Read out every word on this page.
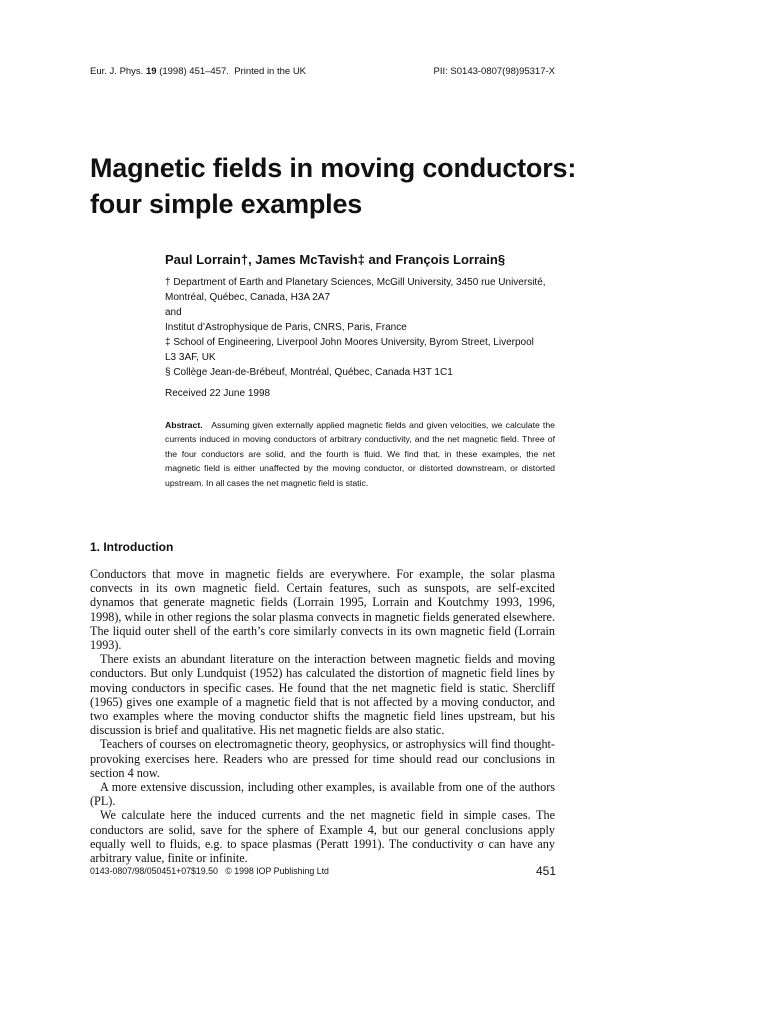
Eur. J. Phys. 19 (1998) 451–457. Printed in the UK	PII: S0143-0807(98)95317-X
Magnetic fields in moving conductors:
four simple examples

Paul Lorrain†, James McTavish‡ and François Lorrain§

† Department of Earth and Planetary Sciences, McGill University, 3450 rue Université,
Montréal, Québec, Canada, H3A 2A7
and
Institut d’Astrophysique de Paris, CNRS, Paris, France
‡ School of Engineering, Liverpool John Moores University, Byrom Street, Liverpool
L3 3AF, UK
§ Collège Jean-de-Brébeuf, Montréal, Québec, Canada H3T 1C1
Received 22 June 1998

Abstract. Assuming given externally applied magnetic fields and given velocities, we calculate the currents induced in moving conductors of arbitrary conductivity, and the net magnetic field. Three of the four conductors are solid, and the fourth is fluid. We find that, in these examples, the net magnetic field is either unaffected by the moving conductor, or distorted downstream, or distorted upstream. In all cases the net magnetic field is static.

1. Introduction

Conductors that move in magnetic fields are everywhere. For example, the solar plasma convects in its own magnetic field. Certain features, such as sunspots, are self-excited dynamos that generate magnetic fields (Lorrain 1995, Lorrain and Koutchmy 1993, 1996, 1998), while in other regions the solar plasma convects in magnetic fields generated elsewhere. The liquid outer shell of the earth’s core similarly convects in its own magnetic field (Lorrain 1993).

There exists an abundant literature on the interaction between magnetic fields and moving conductors. But only Lundquist (1952) has calculated the distortion of magnetic field lines by moving conductors in specific cases. He found that the net magnetic field is static. Shercliff (1965) gives one example of a magnetic field that is not affected by a moving conductor, and two examples where the moving conductor shifts the magnetic field lines upstream, but his discussion is brief and qualitative. His net magnetic fields are also static.

Teachers of courses on electromagnetic theory, geophysics, or astrophysics will find thought-provoking exercises here. Readers who are pressed for time should read our conclusions in section 4 now.

A more extensive discussion, including other examples, is available from one of the authors (PL).

We calculate here the induced currents and the net magnetic field in simple cases. The conductors are solid, save for the sphere of Example 4, but our general conclusions apply equally well to fluids, e.g. to space plasmas (Peratt 1991). The conductivity σ can have any arbitrary value, finite or infinite.

0143-0807/98/050451+07$19.50 © 1998 IOP Publishing Ltd	451
